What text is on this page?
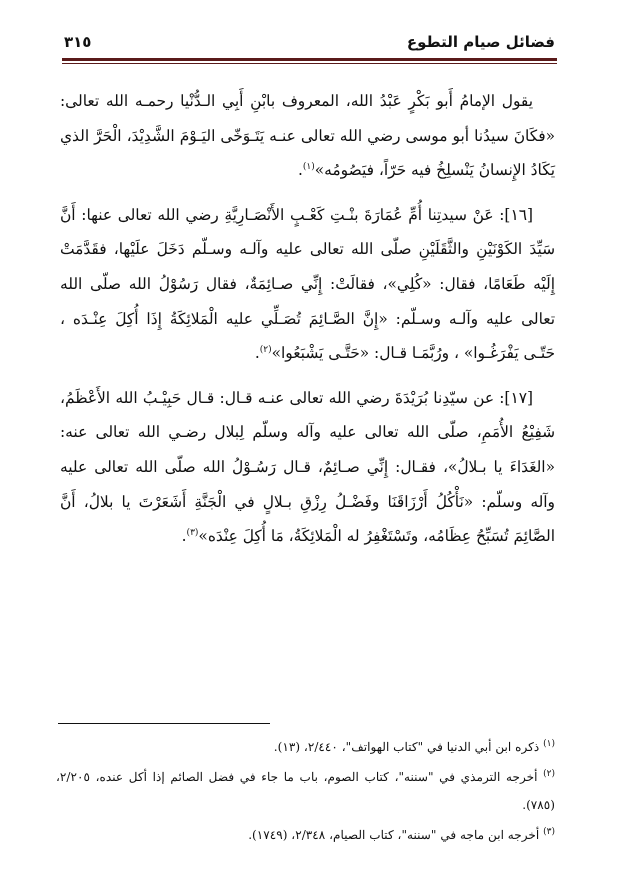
فضائل صيام التطوع
٣١٥

يقول الإمامُ أَبو بَكْرٍ عَبْدُ الله، المعروف بابْنِ أَبِي الـدُّنْيا رحمـه الله تعالى: «فكَانَ سيدُنا أبو موسى رضي الله تعالى عنـه يَتَـوَخّى اليَـوْمَ الشَّدِيْدَ، الْحَرَّ الذي يَكَادُ الإِنسانُ يَنْسلِخُ فيه حَرّاً، فيَصُومُه»$^{(١)}$.

[١٦]: عَنْ سيدتِنا أُمِّ عُمَارَةَ بنْـتِ كَعْـبٍ الأَنْصَـارِيَّةِ رضي الله تعالى عنها: أَنَّ سَيِّدَ الكَوْنَيْنِ والثَّقَلَيْنِ صلّى الله تعالى عليه وآلـه وسـلّم دَخَلَ علَيْها، فقَدَّمَتْ إِلَيْه طَعَامًا، فقال: «كُلِي»، فقالَتْ: إِنِّي صـائِمَةٌ، فقال رَسُوْلُ الله صلّى الله تعالى عليه وآلـه وسـلّم: «إِنَّ الصَّـائِمَ تُصَـلِّي عليه الْمَلائِكَةُ إِذَا أُكِلَ عِنْـدَه ، حَتّـى يَفْرَغُـوا» ، ورُبَّمَـا قـال: «حَتَّـى يَشْبَعُوا»$^{(٢)}$.

[١٧]: عن سيّدِنا بُرَيْدَةَ رضي الله تعالى عنـه قـال: قـال حَبِيْـبُ الله الأَعْظَمُ، شَفِيْعُ الأُمَمِ، صلّى الله تعالى عليه وآله وسلّم لِبلال رضـي الله تعالى عنه: «الغَدَاءَ يا بـلالُ»، فقـال: إِنِّي صـائِمٌ، قـال رَسُـوْلُ الله صلّى الله تعالى عليه وآله وسلّم: «نَأْكُلُ أَرْزَاقَنَا وفَضْـلُ رِزْقِ بـلالٍ في الْجَنَّةِ أَشَعَرْتَ يا بلالُ، أَنَّ الصَّائِمَ تُسَبِّحُ عِظَامُه، وتَسْتَغْفِرُ له الْمَلائِكَةُ، مَا أُكِلَ عِنْدَه»$^{(٣)}$.

$^{(١)}$ ذكره ابن أبي الدنيا في "كتاب الهواتف"، ٢/٤٤٠، (١٣).

$^{(٢)}$ أخرجه الترمذي في "سننه"، كتاب الصوم، باب ما جاء في فضل الصائم إذا أكل عنده، ٢/٢٠٥، (٧٨٥).

$^{(٣)}$ أخرجه ابن ماجه في "سننه"، كتاب الصيام، ٢/٣٤٨، (١٧٤٩).
